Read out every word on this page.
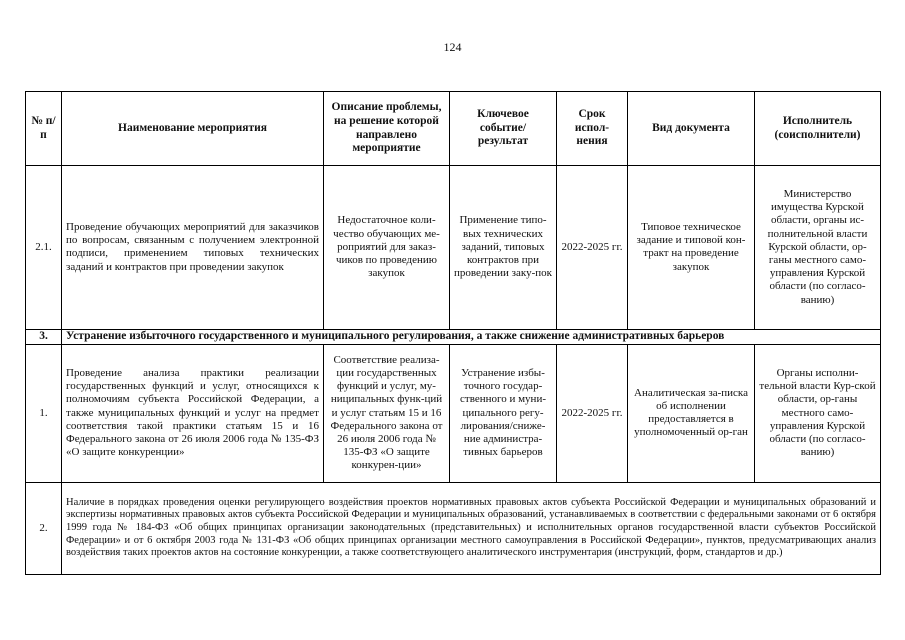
124
№ п/п	Наименование мероприятия	Описание проблемы, на решение которой направлено мероприятие	Ключевое событие/ результат	Срок испол-нения	Вид документа	Исполнитель (соисполнители)
2.1.	Проведение обучающих мероприятий для заказчиков по вопросам, связанным с получением электронной подписи, применением типовых технических заданий и контрактов при проведении закупок	Недостаточное коли-чество обучающих ме-роприятий для заказ-чиков по проведению закупок	Применение типо-вых технических заданий, типовых контрактов при проведении заку-пок	2022-2025 гг.	Типовое техническое задание и типовой кон-тракт на проведение закупок	Министерство имущества Курской области, органы ис-полнительной власти Курской области, ор-ганы местного само-управления Курской области (по согласо-ванию)
3.	Устранение избыточного государственного и муниципального регулирования, а также снижение административных барьеров					
1.	Проведение анализа практики реализации государственных функций и услуг, относящихся к полномочиям субъекта Российской Федерации, а также муниципальных функций и услуг на предмет соответствия такой практики статьям 15 и 16 Федерального закона от 26 июля 2006 года № 135-ФЗ «О защите конкуренции»	Соответствие реализа-ции государственных функций и услуг, му-ниципальных функ-ций и услуг статьям 15 и 16 Федерального закона от 26 июля 2006 года № 135-ФЗ «О защите конкурен-ции»	Устранение избы-точного государ-ственного и муни-ципального регу-лирования/сниже-ние администра-тивных барьеров	2022-2025 гг.	Аналитическая за-писка об исполнении предоставляется в уполномоченный ор-ган	Органы исполни-тельной власти Кур-ской области, ор-ганы местного само-управления Курской области (по согласо-ванию)
2.	Наличие в порядках проведения оценки регулирующего воздействия проектов нормативных правовых актов субъекта Российской Федерации и муниципальных образований и экспертизы нормативных правовых актов субъекта Российской Федерации и муниципальных образований, устанавливаемых в соответствии с федеральными законами от 6 октября 1999 года № 184-ФЗ «Об общих принципах организации законодательных (представительных) и исполнительных органов государственной власти субъектов Российской Федерации» и от 6 октября 2003 года № 131-ФЗ «Об общих принципах организации местного самоуправления в Российской Федерации», пунктов, предусматривающих анализ воздействия таких проектов актов на состояние конкуренции, а также соответствующего аналитического инструментария (инструкций, форм, стандартов и др.)					
